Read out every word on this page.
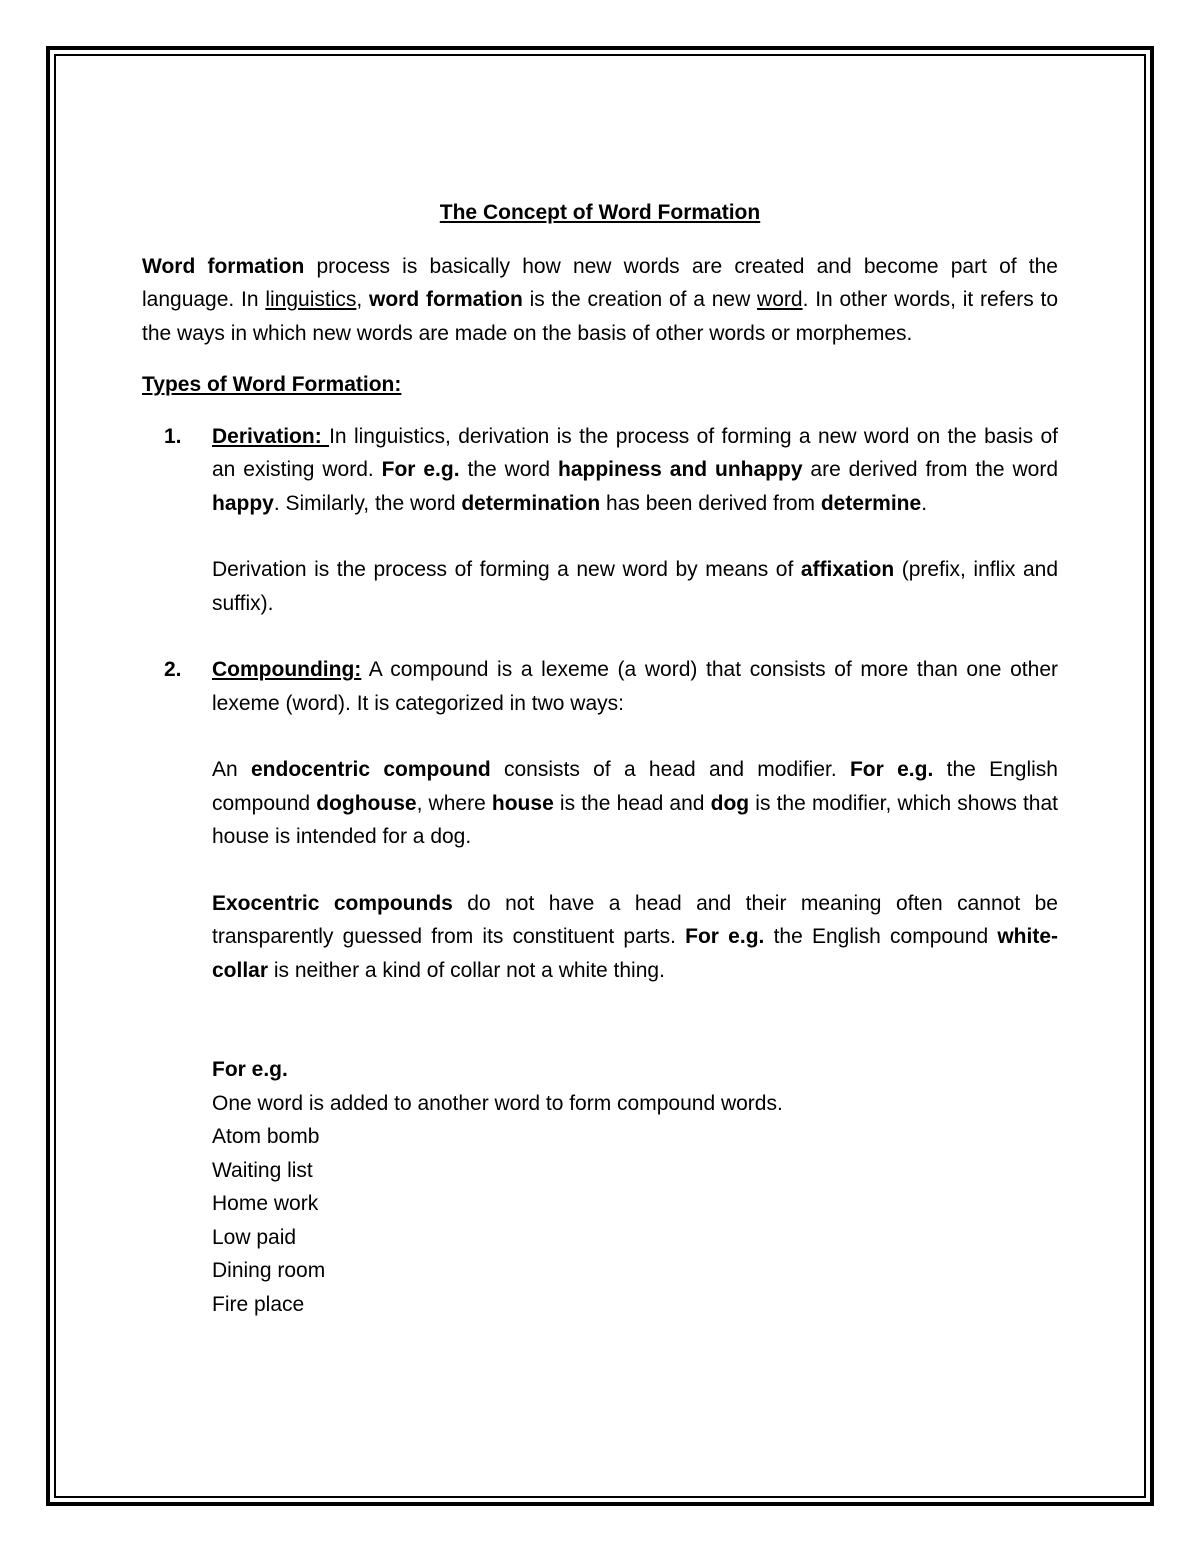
The Concept of Word Formation

Word formation process is basically how new words are created and become part of the language. In linguistics, word formation is the creation of a new word. In other words, it refers to the ways in which new words are made on the basis of other words or morphemes.

Types of Word Formation:
1. Derivation: In linguistics, derivation is the process of forming a new word on the basis of an existing word. For e.g. the word happiness and unhappy are derived from the word happy. Similarly, the word determination has been derived from determine.

Derivation is the process of forming a new word by means of affixation (prefix, inflix and suffix).

2. Compounding: A compound is a lexeme (a word) that consists of more than one other lexeme (word). It is categorized in two ways:

An endocentric compound consists of a head and modifier. For e.g. the English compound doghouse, where house is the head and dog is the modifier, which shows that house is intended for a dog.

Exocentric compounds do not have a head and their meaning often cannot be transparently guessed from its constituent parts. For e.g. the English compound white- collar is neither a kind of collar not a white thing.

For e.g.

One word is added to another word to form compound words.

Atom bomb

Waiting list

Home work

Low paid

Dining room

Fire place
